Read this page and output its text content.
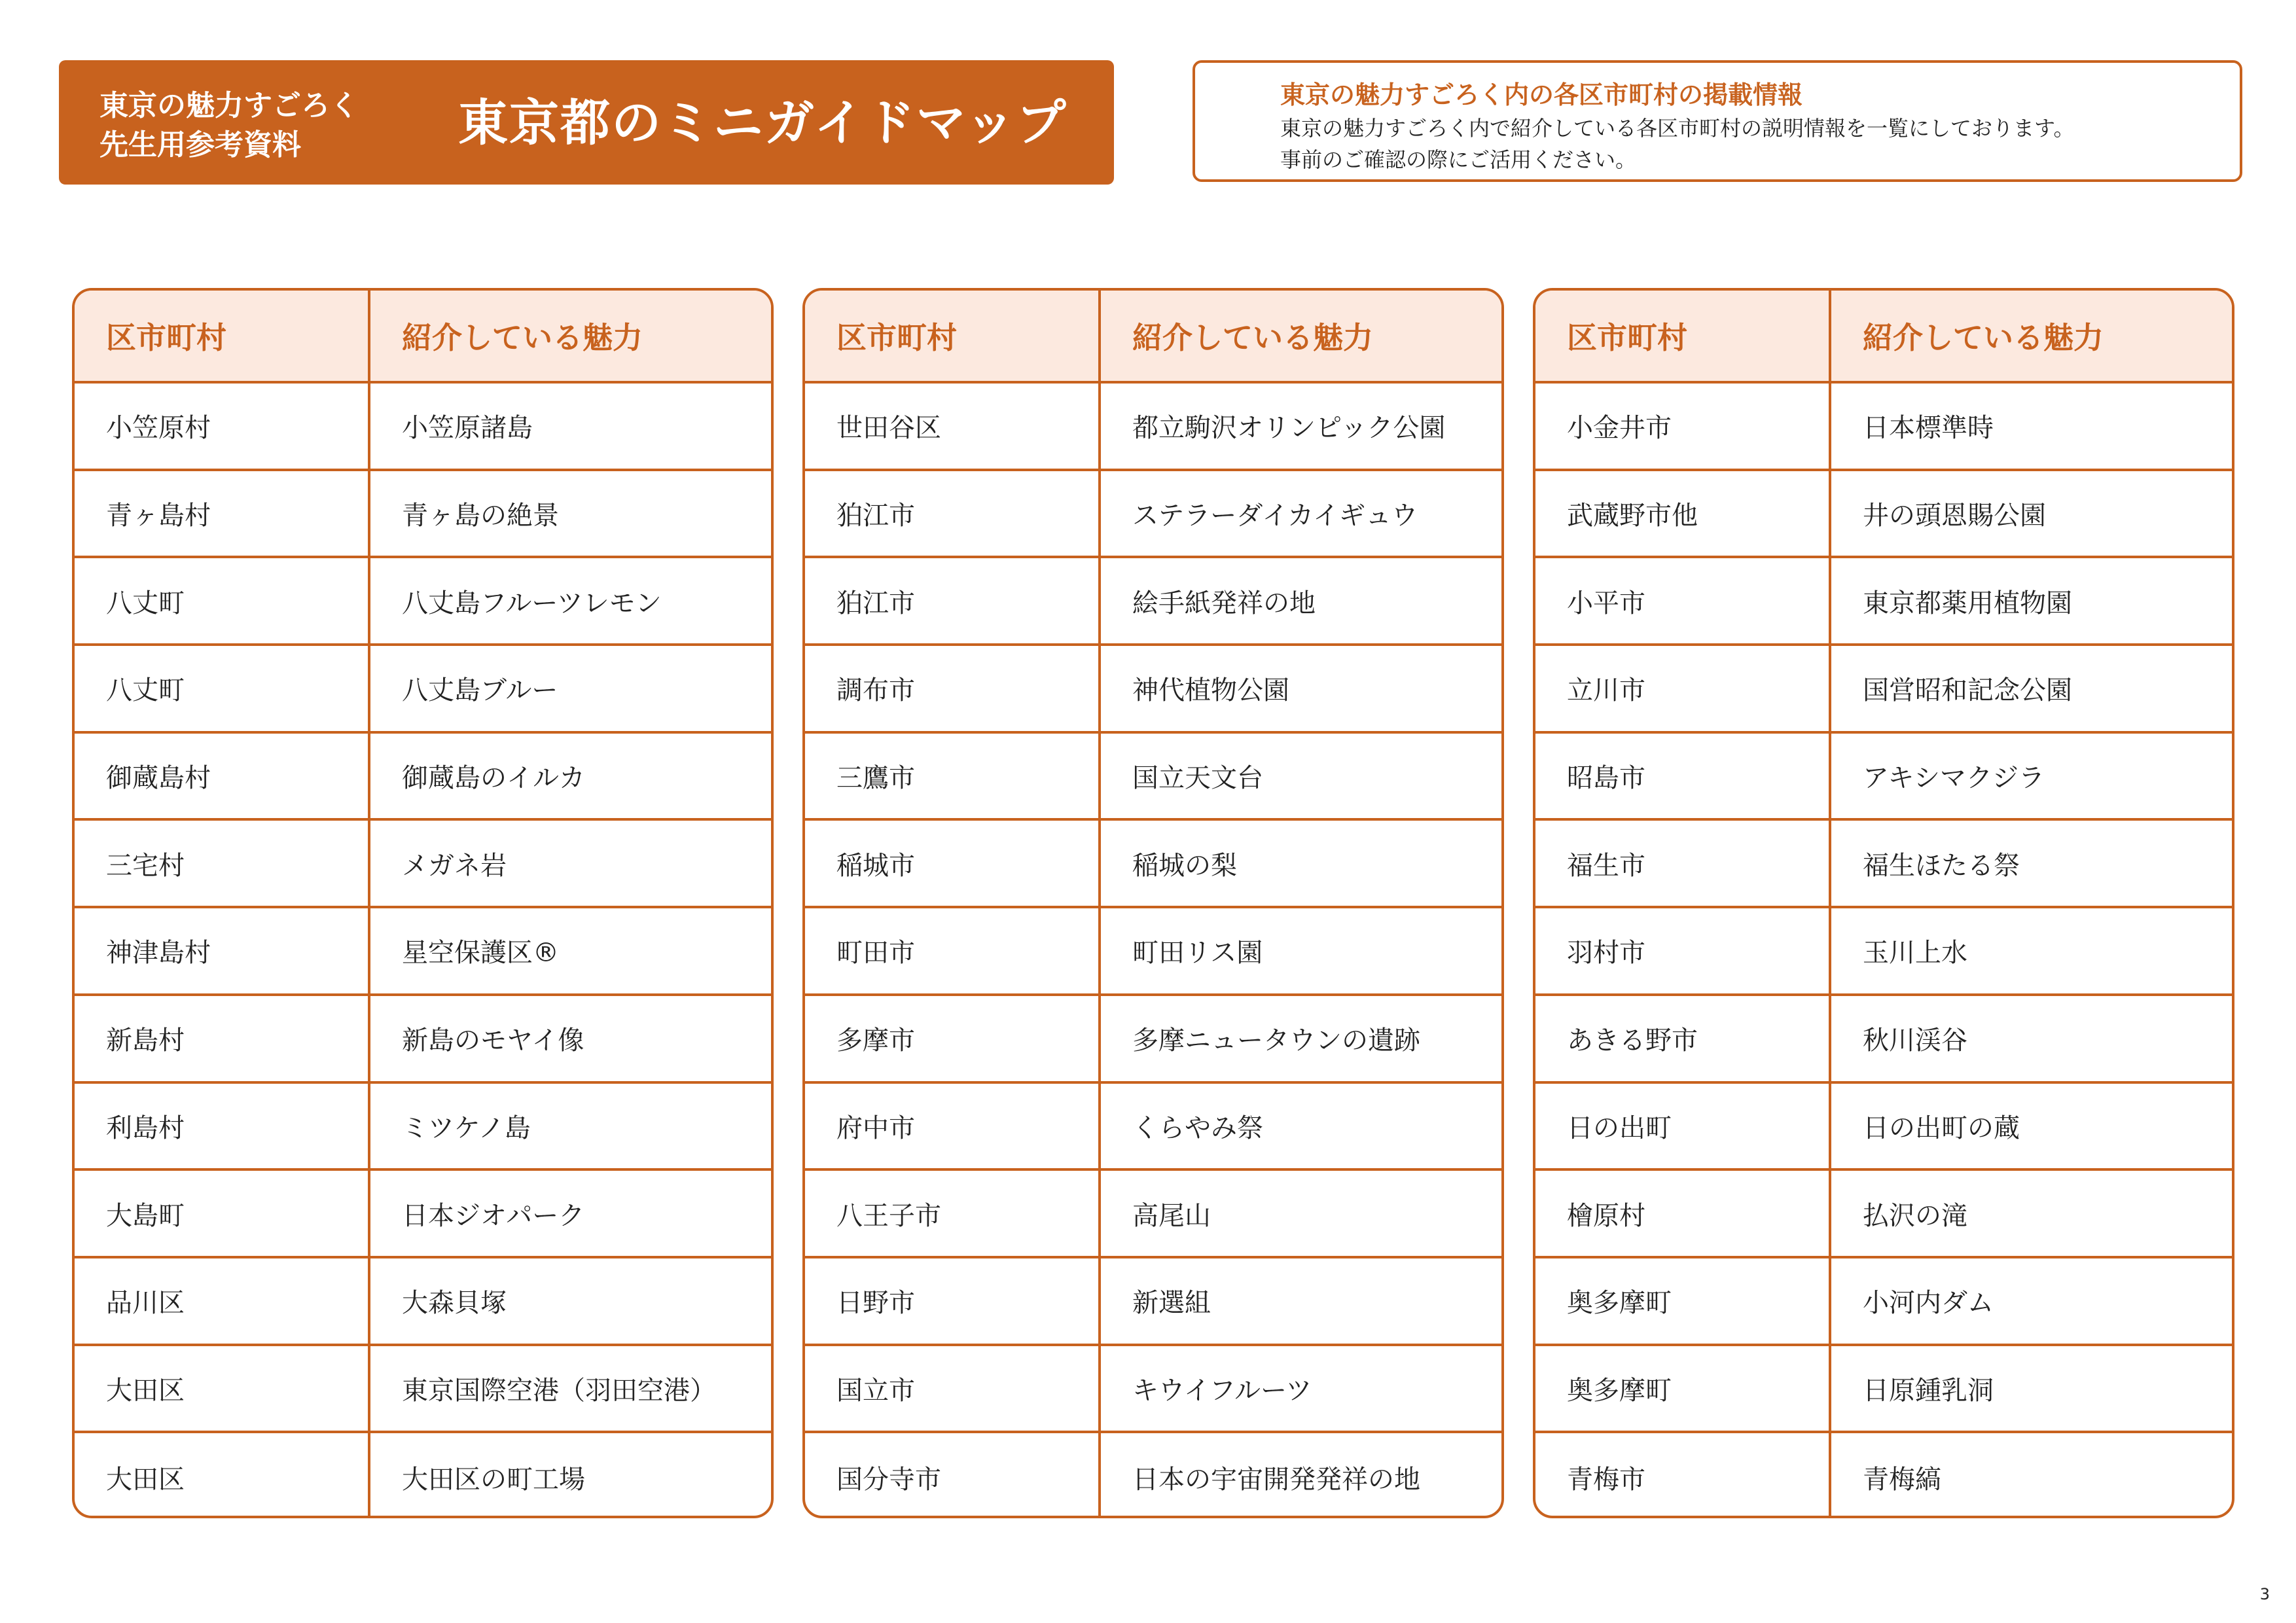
東京の魅力すごろく
先生用参考資料	東京都のミニガイドマップ	東京の魅力すごろく内の各区市町村の掲載情報
東京の魅力すごろく内で紹介している各区市町村の説明情報を一覧にしております。
事前のご確認の際にご活用ください。
区市町村	紹介している魅力
小笠原村	小笠原諸島
青ヶ島村	青ヶ島の絶景
八丈町	八丈島フルーツレモン
八丈町	八丈島ブルー
御蔵島村	御蔵島のイルカ
三宅村	メガネ岩
神津島村	星空保護区®
新島村	新島のモヤイ像
利島村	ミツケノ島
大島町	日本ジオパーク
品川区	大森貝塚
大田区	東京国際空港（羽田空港）
大田区	大田区の町工場
区市町村	紹介している魅力
世田谷区	都立駒沢オリンピック公園
狛江市	ステラーダイカイギュウ
狛江市	絵手紙発祥の地
調布市	神代植物公園
三鷹市	国立天文台
稲城市	稲城の梨
町田市	町田リス園
多摩市	多摩ニュータウンの遺跡
府中市	くらやみ祭
八王子市	高尾山
日野市	新選組
国立市	キウイフルーツ
国分寺市	日本の宇宙開発発祥の地
区市町村	紹介している魅力
小金井市	日本標準時
武蔵野市他	井の頭恩賜公園
小平市	東京都薬用植物園
立川市	国営昭和記念公園
昭島市	アキシマクジラ
福生市	福生ほたる祭
羽村市	玉川上水
あきる野市	秋川渓谷
日の出町	日の出町の蔵
檜原村	払沢の滝
奥多摩町	小河内ダム
奥多摩町	日原鍾乳洞
青梅市	青梅縞
3
